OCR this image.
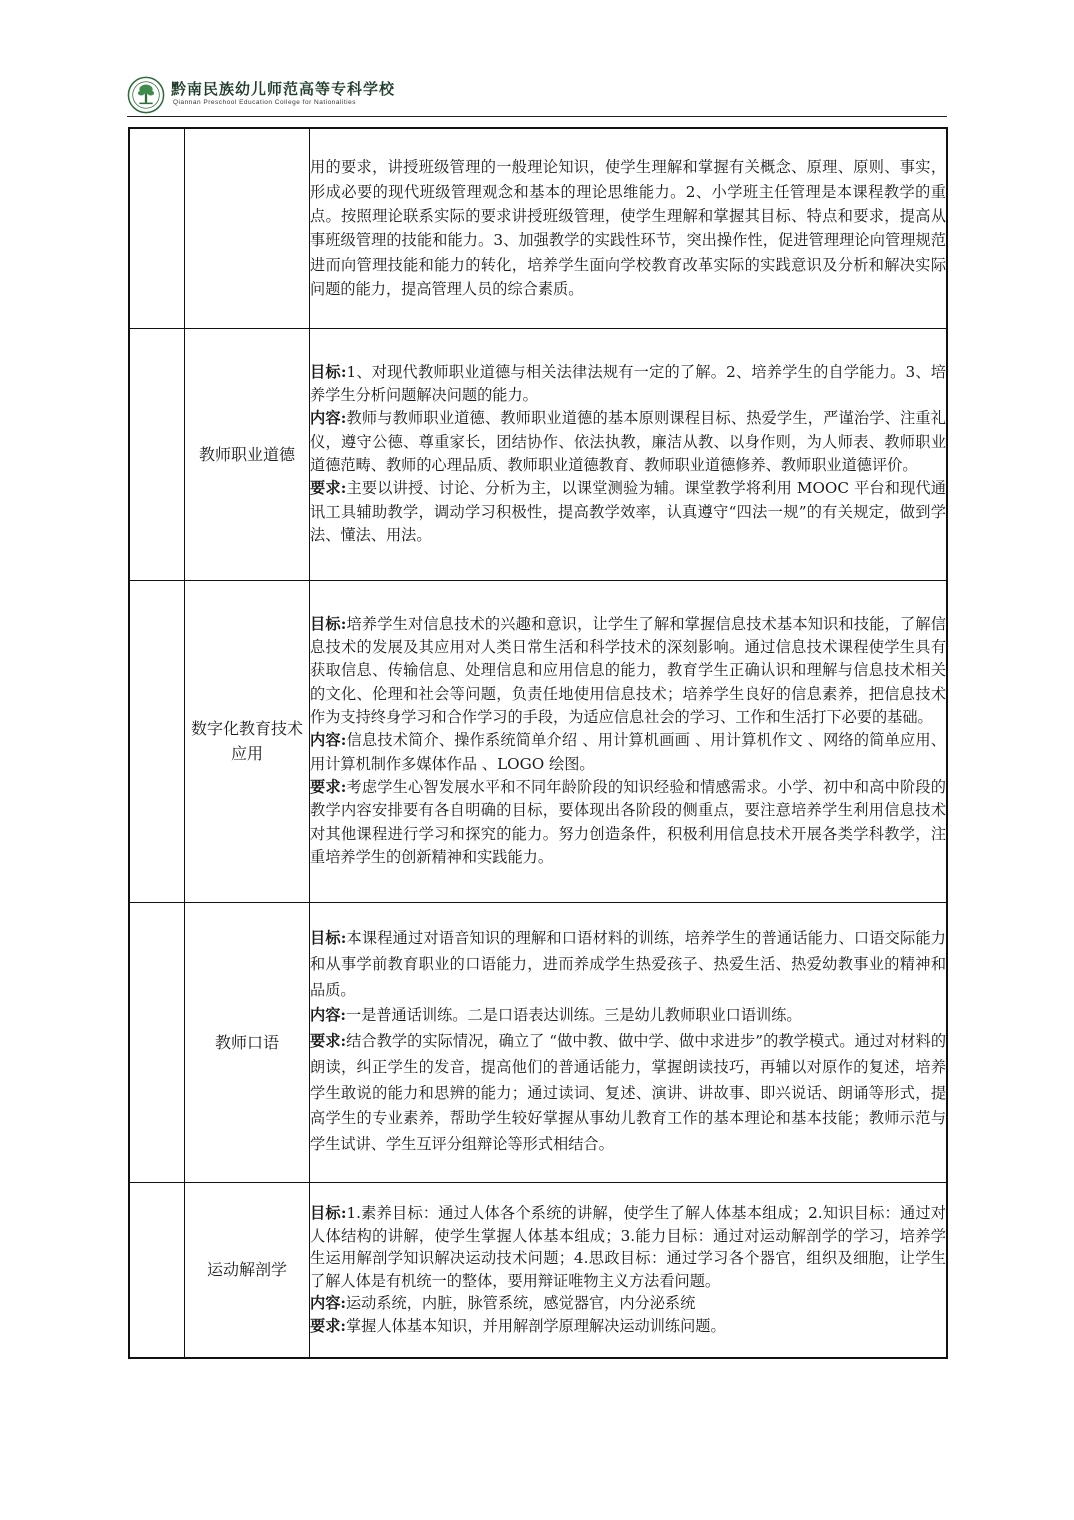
黔南民族幼儿师范高等专科学校
Qiannan Preschool Education College for Nationalities

		用的要求，讲授班级管理的一般理论知识，使学生理解和掌握有关概念、原理、原则、事实，形成必要的现代班级管理观念和基本的理论思维能力。2、小学班主任管理是本课程教学的重点。按照理论联系实际的要求讲授班级管理，使学生理解和掌握其目标、特点和要求，提高从事班级管理的技能和能力。3、加强教学的实践性环节，突出操作性，促进管理理论向管理规范进而向管理技能和能力的转化，培养学生面向学校教育改革实际的实践意识及分析和解决实际问题的能力，提高管理人员的综合素质。

	教师职业道德	目标:1、对现代教师职业道德与相关法律法规有一定的了解。2、培养学生的自学能力。3、培养学生分析问题解决问题的能力。

内容:教师与教师职业道德、教师职业道德的基本原则课程目标、热爱学生，严谨治学、注重礼仪，遵守公德、尊重家长，团结协作、依法执教，廉洁从教、以身作则，为人师表、教师职业道德范畴、教师的心理品质、教师职业道德教育、教师职业道德修养、教师职业道德评价。

要求:主要以讲授、讨论、分析为主，以课堂测验为辅。课堂教学将利用 MOOC 平台和现代通讯工具辅助教学，调动学习积极性，提高教学效率，认真遵守“四法一规”的有关规定，做到学法、懂法、用法。

	数字化教育技术应用	目标:培养学生对信息技术的兴趣和意识，让学生了解和掌握信息技术基本知识和技能，了解信息技术的发展及其应用对人类日常生活和科学技术的深刻影响。通过信息技术课程使学生具有获取信息、传输信息、处理信息和应用信息的能力，教育学生正确认识和理解与信息技术相关的文化、伦理和社会等问题，负责任地使用信息技术；培养学生良好的信息素养，把信息技术作为支持终身学习和合作学习的手段，为适应信息社会的学习、工作和生活打下必要的基础。

内容:信息技术简介、操作系统简单介绍 、用计算机画画 、用计算机作文 、网络的简单应用、用计算机制作多媒体作品 、LOGO 绘图。

要求:考虑学生心智发展水平和不同年龄阶段的知识经验和情感需求。小学、初中和高中阶段的教学内容安排要有各自明确的目标，要体现出各阶段的侧重点，要注意培养学生利用信息技术对其他课程进行学习和探究的能力。努力创造条件，积极利用信息技术开展各类学科教学，注重培养学生的创新精神和实践能力。

	教师口语	目标:本课程通过对语音知识的理解和口语材料的训练，培养学生的普通话能力、口语交际能力和从事学前教育职业的口语能力，进而养成学生热爱孩子、热爱生活、热爱幼教事业的精神和品质。

内容:一是普通话训练。二是口语表达训练。三是幼儿教师职业口语训练。

要求:结合教学的实际情况，确立了 “做中教、做中学、做中求进步”的教学模式。通过对材料的朗读，纠正学生的发音，提高他们的普通话能力，掌握朗读技巧，再辅以对原作的复述，培养学生敢说的能力和思辨的能力；通过读词、复述、演讲、讲故事、即兴说话、朗诵等形式，提高学生的专业素养，帮助学生较好掌握从事幼儿教育工作的基本理论和基本技能；教师示范与学生试讲、学生互评分组辩论等形式相结合。

	运动解剖学	目标:1.素养目标：通过人体各个系统的讲解，使学生了解人体基本组成；2.知识目标：通过对人体结构的讲解，使学生掌握人体基本组成；3.能力目标：通过对运动解剖学的学习，培养学生运用解剖学知识解决运动技术问题；4.思政目标：通过学习各个器官，组织及细胞，让学生了解人体是有机统一的整体，要用辩证唯物主义方法看问题。

内容:运动系统，内脏，脉管系统，感觉器官，内分泌系统

要求:掌握人体基本知识，并用解剖学原理解决运动训练问题。
